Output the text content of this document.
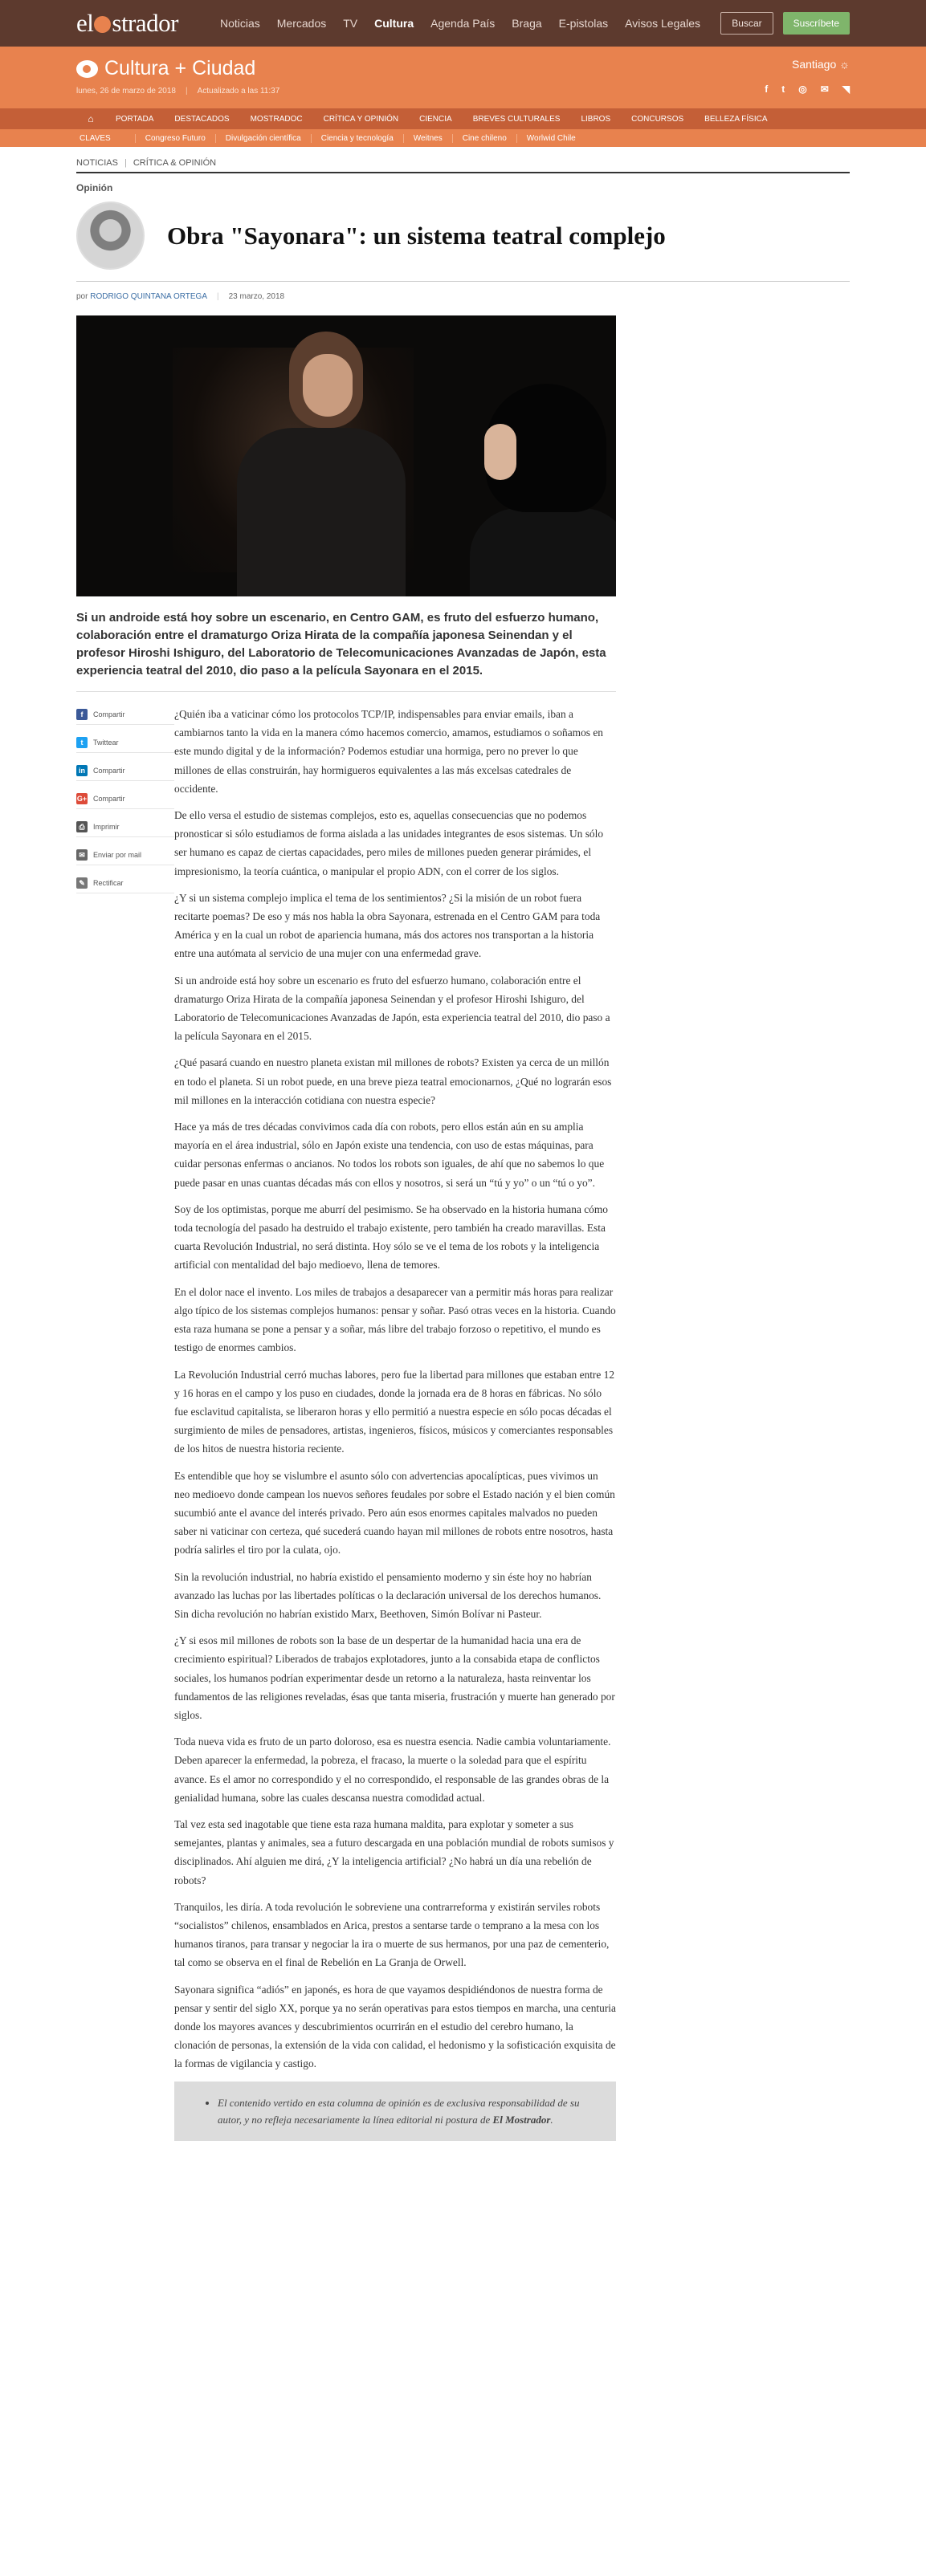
el strador	Noticias Mercados TV Cultura Agenda País Braga E-pistolas Avisos Legales	Buscar	Suscríbete
Cultura + Ciudad
lunes, 26 de marzo de 2018 | Actualizado a las 11:37
Santiago ☼
f t ◎ ✉ ◥
⌂	PORTADA	DESTACADOS	MOSTRADOC	CRÍTICA Y OPINIÓN	CIENCIA	BREVES CULTURALES	LIBROS	CONCURSOS	BELLEZA FÍSICA
CLAVES	Congreso Futuro	Divulgación científica	Ciencia y tecnología	Weitnes	Cine chileno	Worlwid Chile
NOTICIAS | CRÍTICA & OPINIÓN
Opinión
Obra "Sayonara": un sistema teatral complejo
por RODRIGO QUINTANA ORTEGA | 23 marzo, 2018

Si un androide está hoy sobre un escenario, en Centro GAM, es fruto del esfuerzo humano, colaboración entre el dramaturgo Oriza Hirata de la compañía japonesa Seinendan y el profesor Hiroshi Ishiguro, del Laboratorio de Telecomunicaciones Avanzadas de Japón, esta experiencia teatral del 2010, dio paso a la película Sayonara en el 2015.

f	Compartir
t	Twittear
in	Compartir
G+ Compartir
⎙	Imprimir
✉	Enviar por mail
✎	Rectificar

¿Quién iba a vaticinar cómo los protocolos TCP/IP, indispensables para enviar emails, iban a cambiarnos tanto la vida en la manera cómo hacemos comercio, amamos, estudiamos o soñamos en este mundo digital y de la información? Podemos estudiar una hormiga, pero no prever lo que millones de ellas construirán, hay hormigueros equivalentes a las más excelsas catedrales de occidente.

De ello versa el estudio de sistemas complejos, esto es, aquellas consecuencias que no podemos pronosticar si sólo estudiamos de forma aislada a las unidades integrantes de esos sistemas. Un sólo ser humano es capaz de ciertas capacidades, pero miles de millones pueden generar pirámides, el impresionismo, la teoría cuántica, o manipular el propio ADN, con el correr de los siglos.

¿Y si un sistema complejo implica el tema de los sentimientos? ¿Si la misión de un robot fuera recitarte poemas? De eso y más nos habla la obra Sayonara, estrenada en el Centro GAM para toda América y en la cual un robot de apariencia humana, más dos actores nos transportan a la historia entre una autómata al servicio de una mujer con una enfermedad grave.

Si un androide está hoy sobre un escenario es fruto del esfuerzo humano, colaboración entre el dramaturgo Oriza Hirata de la compañía japonesa Seinendan y el profesor Hiroshi Ishiguro, del Laboratorio de Telecomunicaciones Avanzadas de Japón, esta experiencia teatral del 2010, dio paso a la película Sayonara en el 2015.

¿Qué pasará cuando en nuestro planeta existan mil millones de robots? Existen ya cerca de un millón en todo el planeta. Si un robot puede, en una breve pieza teatral emocionarnos, ¿Qué no lograrán esos mil millones en la interacción cotidiana con nuestra especie?

Hace ya más de tres décadas convivimos cada día con robots, pero ellos están aún en su amplia mayoría en el área industrial, sólo en Japón existe una tendencia, con uso de estas máquinas, para cuidar personas enfermas o ancianos. No todos los robots son iguales, de ahí que no sabemos lo que puede pasar en unas cuantas décadas más con ellos y nosotros, si será un “tú y yo” o un “tú o yo”.

Soy de los optimistas, porque me aburrí del pesimismo. Se ha observado en la historia humana cómo toda tecnología del pasado ha destruido el trabajo existente, pero también ha creado maravillas. Esta cuarta Revolución Industrial, no será distinta. Hoy sólo se ve el tema de los robots y la inteligencia artificial con mentalidad del bajo medioevo, llena de temores.

En el dolor nace el invento. Los miles de trabajos a desaparecer van a permitir más horas para realizar algo típico de los sistemas complejos humanos: pensar y soñar. Pasó otras veces en la historia. Cuando esta raza humana se pone a pensar y a soñar, más libre del trabajo forzoso o repetitivo, el mundo es testigo de enormes cambios.

La Revolución Industrial cerró muchas labores, pero fue la libertad para millones que estaban entre 12 y 16 horas en el campo y los puso en ciudades, donde la jornada era de 8 horas en fábricas. No sólo fue esclavitud capitalista, se liberaron horas y ello permitió a nuestra especie en sólo pocas décadas el surgimiento de miles de pensadores, artistas, ingenieros, físicos, músicos y comerciantes responsables de los hitos de nuestra historia reciente.

Es entendible que hoy se vislumbre el asunto sólo con advertencias apocalípticas, pues vivimos un neo medioevo donde campean los nuevos señores feudales por sobre el Estado nación y el bien común sucumbió ante el avance del interés privado. Pero aún esos enormes capitales malvados no pueden saber ni vaticinar con certeza, qué sucederá cuando hayan mil millones de robots entre nosotros, hasta podría salirles el tiro por la culata, ojo.

Sin la revolución industrial, no habría existido el pensamiento moderno y sin éste hoy no habrían avanzado las luchas por las libertades políticas o la declaración universal de los derechos humanos. Sin dicha revolución no habrían existido Marx, Beethoven, Simón Bolívar ni Pasteur.

¿Y si esos mil millones de robots son la base de un despertar de la humanidad hacia una era de crecimiento espiritual? Liberados de trabajos explotadores, junto a la consabida etapa de conflictos sociales, los humanos podrían experimentar desde un retorno a la naturaleza, hasta reinventar los fundamentos de las religiones reveladas, ésas que tanta miseria, frustración y muerte han generado por siglos.

Toda nueva vida es fruto de un parto doloroso, esa es nuestra esencia. Nadie cambia voluntariamente. Deben aparecer la enfermedad, la pobreza, el fracaso, la muerte o la soledad para que el espíritu avance. Es el amor no correspondido y el no correspondido, el responsable de las grandes obras de la genialidad humana, sobre las cuales descansa nuestra comodidad actual.

Tal vez esta sed inagotable que tiene esta raza humana maldita, para explotar y someter a sus semejantes, plantas y animales, sea a futuro descargada en una población mundial de robots sumisos y disciplinados. Ahí alguien me dirá, ¿Y la inteligencia artificial? ¿No habrá un día una rebelión de robots?

Tranquilos, les diría. A toda revolución le sobreviene una contrarreforma y existirán serviles robots “socialistos” chilenos, ensamblados en Arica, prestos a sentarse tarde o temprano a la mesa con los humanos tiranos, para transar y negociar la ira o muerte de sus hermanos, por una paz de cementerio, tal como se observa en el final de Rebelión en La Granja de Orwell.

Sayonara significa “adiós” en japonés, es hora de que vayamos despidiéndonos de nuestra forma de pensar y sentir del siglo XX, porque ya no serán operativas para estos tiempos en marcha, una centuria donde los mayores avances y descubrimientos ocurrirán en el estudio del cerebro humano, la clonación de personas, la extensión de la vida con calidad, el hedonismo y la sofisticación exquisita de la formas de vigilancia y castigo.

• El contenido vertido en esta columna de opinión es de exclusiva responsabilidad de su autor, y no refleja necesariamente la línea editorial ni postura de El Mostrador.
